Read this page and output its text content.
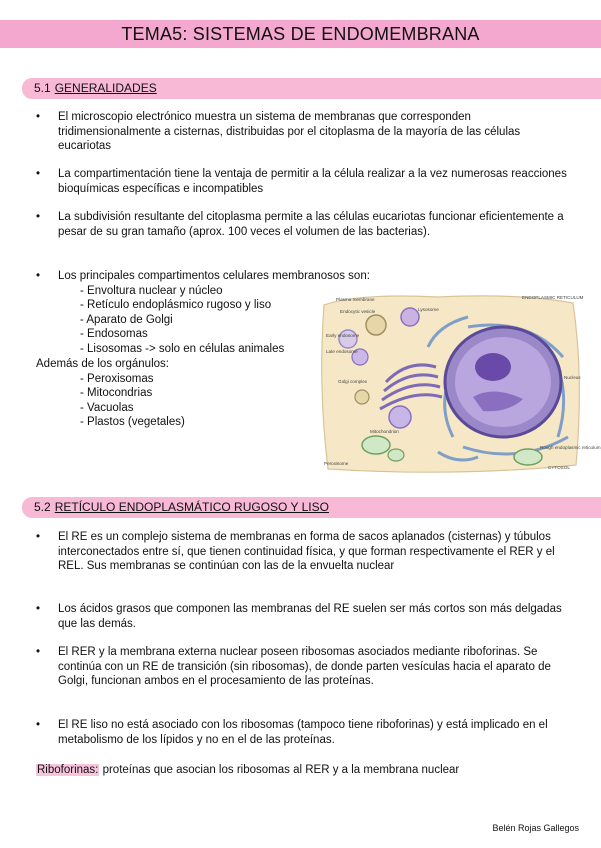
TEMA5: SISTEMAS DE ENDOMEMBRANA
5.1 GENERALIDADES
• El microscopio electrónico muestra un sistema de membranas que corresponden tridimensionalmente a cisternas, distribuidas por el citoplasma de la mayoría de las células eucariotas
• La compartimentación tiene la ventaja de permitir a la célula realizar a la vez numerosas reacciones bioquímicas específicas e incompatibles
• La subdivisión resultante del citoplasma permite a las células eucariotas funcionar eficientemente a pesar de su gran tamaño (aprox. 100 veces el volumen de las bacterias).
• Los principales compartimentos celulares membranosos son:
- Envoltura nuclear y núcleo
- Retículo endoplásmico rugoso y liso
- Aparato de Golgi
- Endosomas
- Lisosomas -> solo en células animales
Además de los orgánulos:
- Peroxisomas
- Mitocondrias
- Vacuolas
- Plastos (vegetales)
Plasma membrane	ENDOPLASMIC RETICULUM
Endocytic vesicle	Lysosome
Early endosome
Late endosome
Golgi complex
Nucleus
Peroxisome
Mitochondrion
Rough endoplasmic reticulum
CYTOSOL
5.2 RETÍCULO ENDOPLASMÁTICO RUGOSO Y LISO
• El RE es un complejo sistema de membranas en forma de sacos aplanados (cisternas) y túbulos interconectados entre sí, que tienen continuidad física, y que forman respectivamente el RER y el REL. Sus membranas se continúan con las de la envuelta nuclear
• Los ácidos grasos que componen las membranas del RE suelen ser más cortos son más delgadas que las demás.
• El RER y la membrana externa nuclear poseen ribosomas asociados mediante riboforinas. Se continúa con un RE de transición (sin ribosomas), de donde parten vesículas hacia el aparato de Golgi, funcionan ambos en el procesamiento de las proteínas.
• El RE liso no está asociado con los ribosomas (tampoco tiene riboforinas) y está implicado en el metabolismo de los lípidos y no en el de las proteínas.
Riboforinas: proteínas que asocian los ribosomas al RER y a la membrana nuclear
Belén Rojas Gallegos
